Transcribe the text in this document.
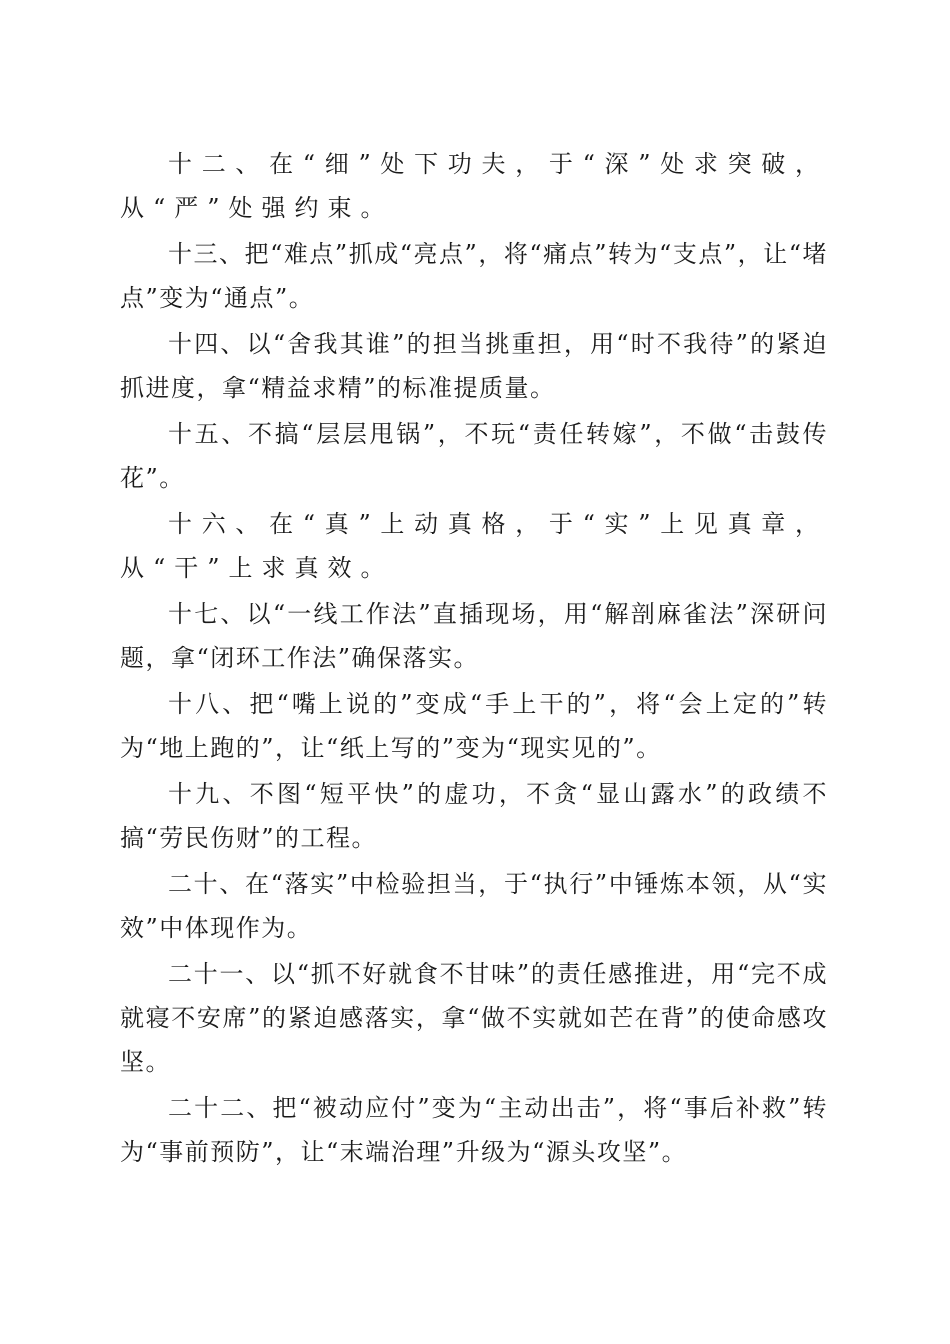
十二、在“细”处下功夫，于“深”处求突破，从“严”处强约束。

十三、把“难点”抓成“亮点”，将“痛点”转为“支点”，让“堵点”变为“通点”。

十四、以“舍我其谁”的担当挑重担，用“时不我待”的紧迫抓进度，拿“精益求精”的标准提质量。

十五、不搞“层层甩锅”，不玩“责任转嫁”，不做“击鼓传花”。

十六、在“真”上动真格，于“实”上见真章，从“干”上求真效。

十七、以“一线工作法”直插现场，用“解剖麻雀法”深研问题，拿“闭环工作法”确保落实。

十八、把“嘴上说的”变成“手上干的”，将“会上定的”转为“地上跑的”，让“纸上写的”变为“现实见的”。

十九、不图“短平快”的虚功，不贪“显山露水”的政绩不搞“劳民伤财”的工程。

二十、在“落实”中检验担当，于“执行”中锤炼本领，从“实效”中体现作为。

二十一、以“抓不好就食不甘味”的责任感推进，用“完不成就寝不安席”的紧迫感落实，拿“做不实就如芒在背”的使命感攻坚。

二十二、把“被动应付”变为“主动出击”，将“事后补救”转为“事前预防”，让“末端治理”升级为“源头攻坚”。
